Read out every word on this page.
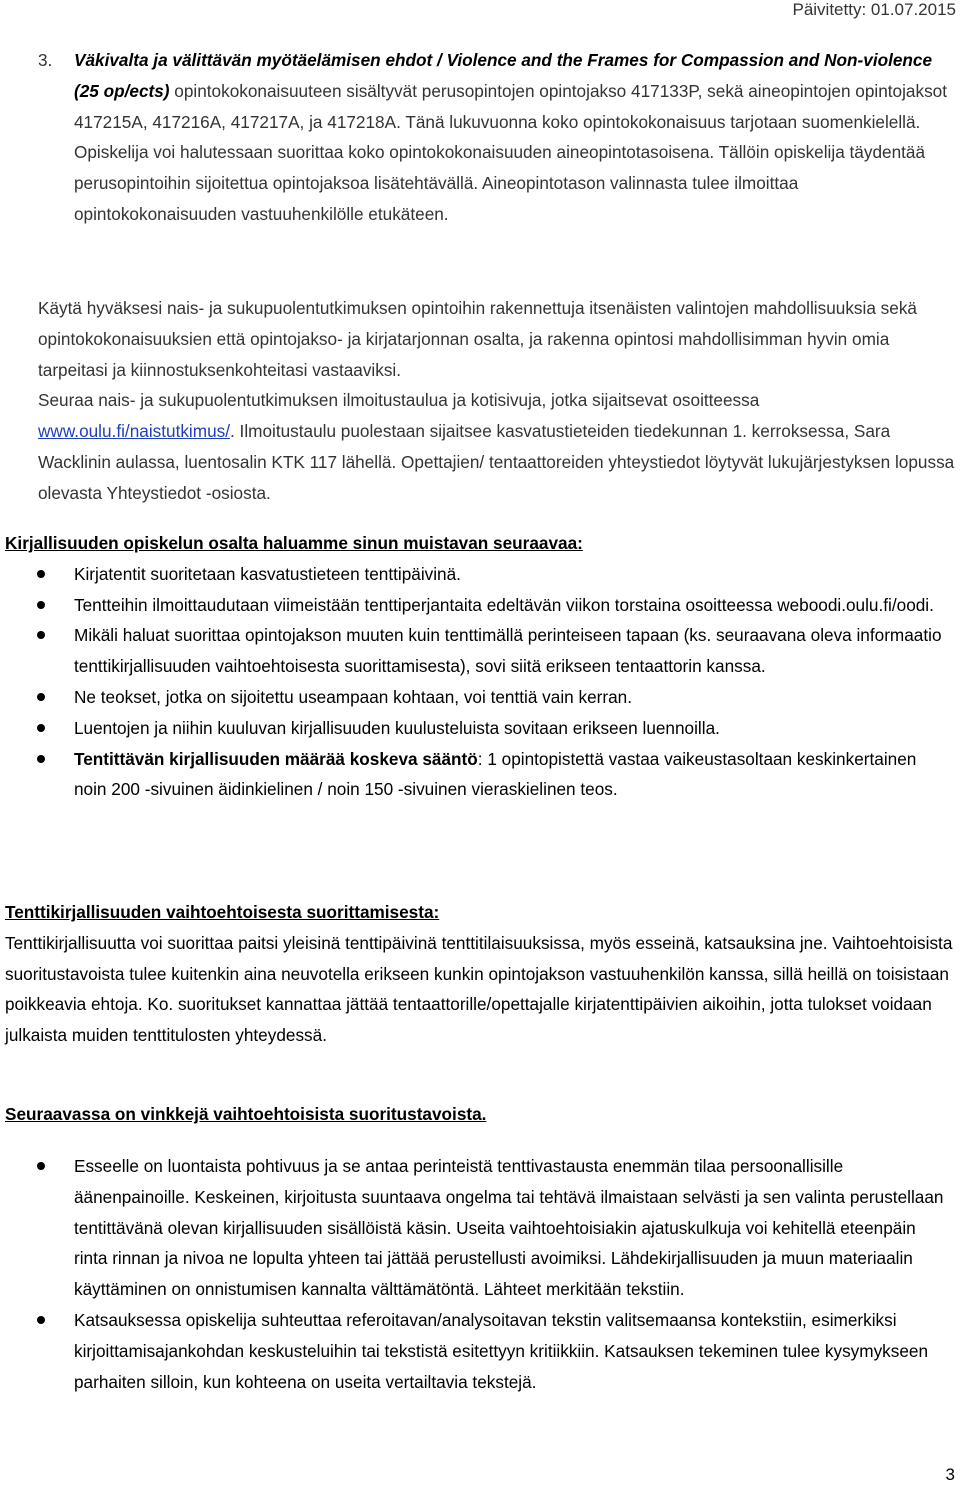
Päivitetty: 01.07.2015
3. Väkivalta ja välittävän myötäelämisen ehdot / Violence and the Frames for Compassion and Non-violence (25 op/ects) opintokokonaisuuteen sisältyvät perusopintojen opintojakso 417133P, sekä aineopintojen opintojaksot 417215A, 417216A, 417217A, ja 417218A. Tänä lukuvuonna koko opintokokonaisuus tarjotaan suomenkielellä. Opiskelija voi halutessaan suorittaa koko opintokokonaisuuden aineopintotasoisena. Tällöin opiskelija täydentää perusopintoihin sijoitettua opintojaksoa lisätehtävällä. Aineopintotason valinnasta tulee ilmoittaa opintokokonaisuuden vastuuhenkilölle etukäteen.

Käytä hyväksesi nais- ja sukupuolentutkimuksen opintoihin rakennettuja itsenäisten valintojen mahdollisuuksia sekä opintokokonaisuuksien että opintojakso- ja kirjatarjonnan osalta, ja rakenna opintosi mahdollisimman hyvin omia tarpeitasi ja kiinnostuksenkohteitasi vastaaviksi.

Seuraa nais- ja sukupuolentutkimuksen ilmoitustaulua ja kotisivuja, jotka sijaitsevat osoitteessa www.oulu.fi/naistutkimus/. Ilmoitustaulu puolestaan sijaitsee kasvatustieteiden tiedekunnan 1. kerroksessa, Sara Wacklinin aulassa, luentosalin KTK 117 lähellä. Opettajien/ tentaattoreiden yhteystiedot löytyvät lukujärjestyksen lopussa olevasta Yhteystiedot -osiosta.

Kirjallisuuden opiskelun osalta haluamme sinun muistavan seuraavaa:
Kirjatentit suoritetaan kasvatustieteen tenttipäivinä.
Tentteihin ilmoittaudutaan viimeistään tenttiperjantaita edeltävän viikon torstaina osoitteessa weboodi.oulu.fi/oodi.
Mikäli haluat suorittaa opintojakson muuten kuin tenttimällä perinteiseen tapaan (ks. seuraavana oleva informaatio tenttikirjallisuuden vaihtoehtoisesta suorittamisesta), sovi siitä erikseen tentaattorin kanssa.
Ne teokset, jotka on sijoitettu useampaan kohtaan, voi tenttiä vain kerran.
Luentojen ja niihin kuuluvan kirjallisuuden kuulusteluista sovitaan erikseen luennoilla.
Tentittävän kirjallisuuden määrää koskeva sääntö: 1 opintopistettä vastaa vaikeustasoltaan keskinkertainen noin 200 -sivuinen äidinkielinen / noin 150 -sivuinen vieraskielinen teos.
Tenttikirjallisuuden vaihtoehtoisesta suorittamisesta:

Tenttikirjallisuutta voi suorittaa paitsi yleisinä tenttipäivinä tenttitilaisuuksissa, myös esseinä, katsauksina jne. Vaihtoehtoisista suoritustavoista tulee kuitenkin aina neuvotella erikseen kunkin opintojakson vastuuhenkilön kanssa, sillä heillä on toisistaan poikkeavia ehtoja. Ko. suoritukset kannattaa jättää tentaattorille/opettajalle kirjatenttipäivien aikoihin, jotta tulokset voidaan julkaista muiden tenttitulosten yhteydessä.

Seuraavassa on vinkkejä vaihtoehtoisista suoritustavoista.
Esseelle on luontaista pohtivuus ja se antaa perinteistä tenttivastausta enemmän tilaa persoonallisille äänenpainoille. Keskeinen, kirjoitusta suuntaava ongelma tai tehtävä ilmaistaan selvästi ja sen valinta perustellaan tentittävänä olevan kirjallisuuden sisällöistä käsin. Useita vaihtoehtoisiakin ajatuskulkuja voi kehitellä eteenpäin rinta rinnan ja nivoa ne lopulta yhteen tai jättää perustellusti avoimiksi. Lähdekirjallisuuden ja muun materiaalin käyttäminen on onnistumisen kannalta välttämätöntä. Lähteet merkitään tekstiin.
Katsauksessa opiskelija suhteuttaa referoitavan/analysoitavan tekstin valitsemaansa kontekstiin, esimerkiksi kirjoittamisajankohdan keskusteluihin tai tekstistä esitettyyn kritiikkiin. Katsauksen tekeminen tulee kysymykseen parhaiten silloin, kun kohteena on useita vertailtavia tekstejä.
3
